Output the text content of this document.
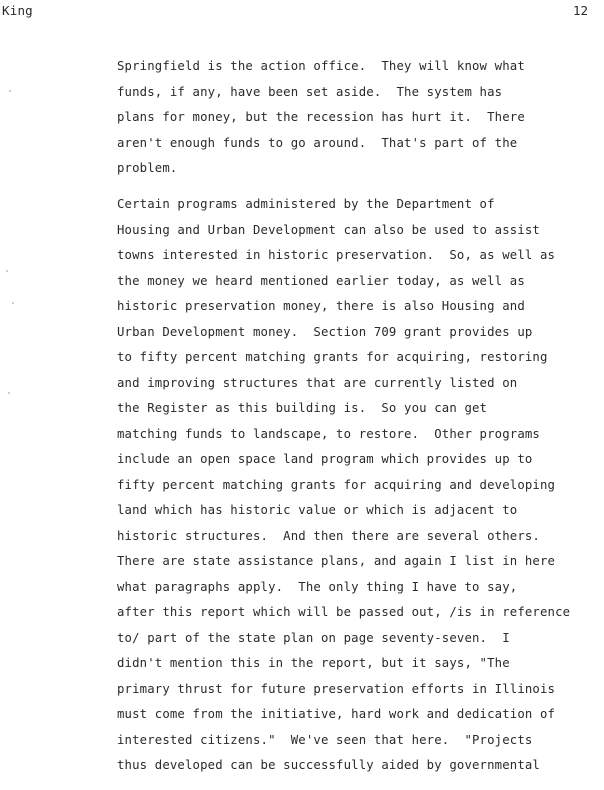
King	12
Springfield is the action office.  They will know what
funds, if any, have been set aside.  The system has
plans for money, but the recession has hurt it.  There
aren't enough funds to go around.  That's part of the
problem.
Certain programs administered by the Department of
Housing and Urban Development can also be used to assist
towns interested in historic preservation.  So, as well as
the money we heard mentioned earlier today, as well as
historic preservation money, there is also Housing and
Urban Development money.  Section 709 grant provides up
to fifty percent matching grants for acquiring, restoring
and improving structures that are currently listed on
the Register as this building is.  So you can get
matching funds to landscape, to restore.  Other programs
include an open space land program which provides up to
fifty percent matching grants for acquiring and developing
land which has historic value or which is adjacent to
historic structures.  And then there are several others.
There are state assistance plans, and again I list in here
what paragraphs apply.  The only thing I have to say,
after this report which will be passed out, /is in reference
to/ part of the state plan on page seventy-seven.  I
didn't mention this in the report, but it says, "The
primary thrust for future preservation efforts in Illinois
must come from the initiative, hard work and dedication of
interested citizens."  We've seen that here.  "Projects
thus developed can be successfully aided by governmental
